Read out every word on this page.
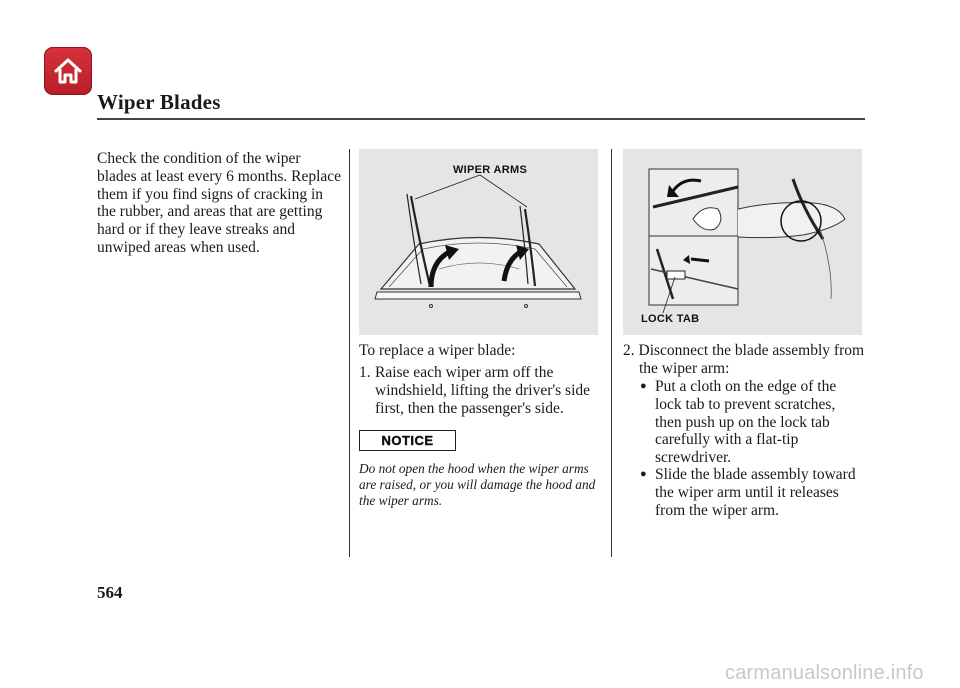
Wiper Blades
Check the condition of the wiper blades at least every 6 months. Replace them if you find signs of cracking in the rubber, and areas that are getting hard or if they leave streaks and unwiped areas when used.
WIPER ARMS
LOCK TAB
To replace a wiper blade:
1. Raise each wiper arm off the windshield, lifting the driver's side first, then the passenger's side.
NOTICE
Do not open the hood when the wiper arms are raised, or you will damage the hood and the wiper arms.
2. Disconnect the blade assembly from the wiper arm:
● Put a cloth on the edge of the lock tab to prevent scratches, then push up on the lock tab carefully with a flat-tip screwdriver.
● Slide the blade assembly toward the wiper arm until it releases from the wiper arm.
564
carmanualsonline.info
